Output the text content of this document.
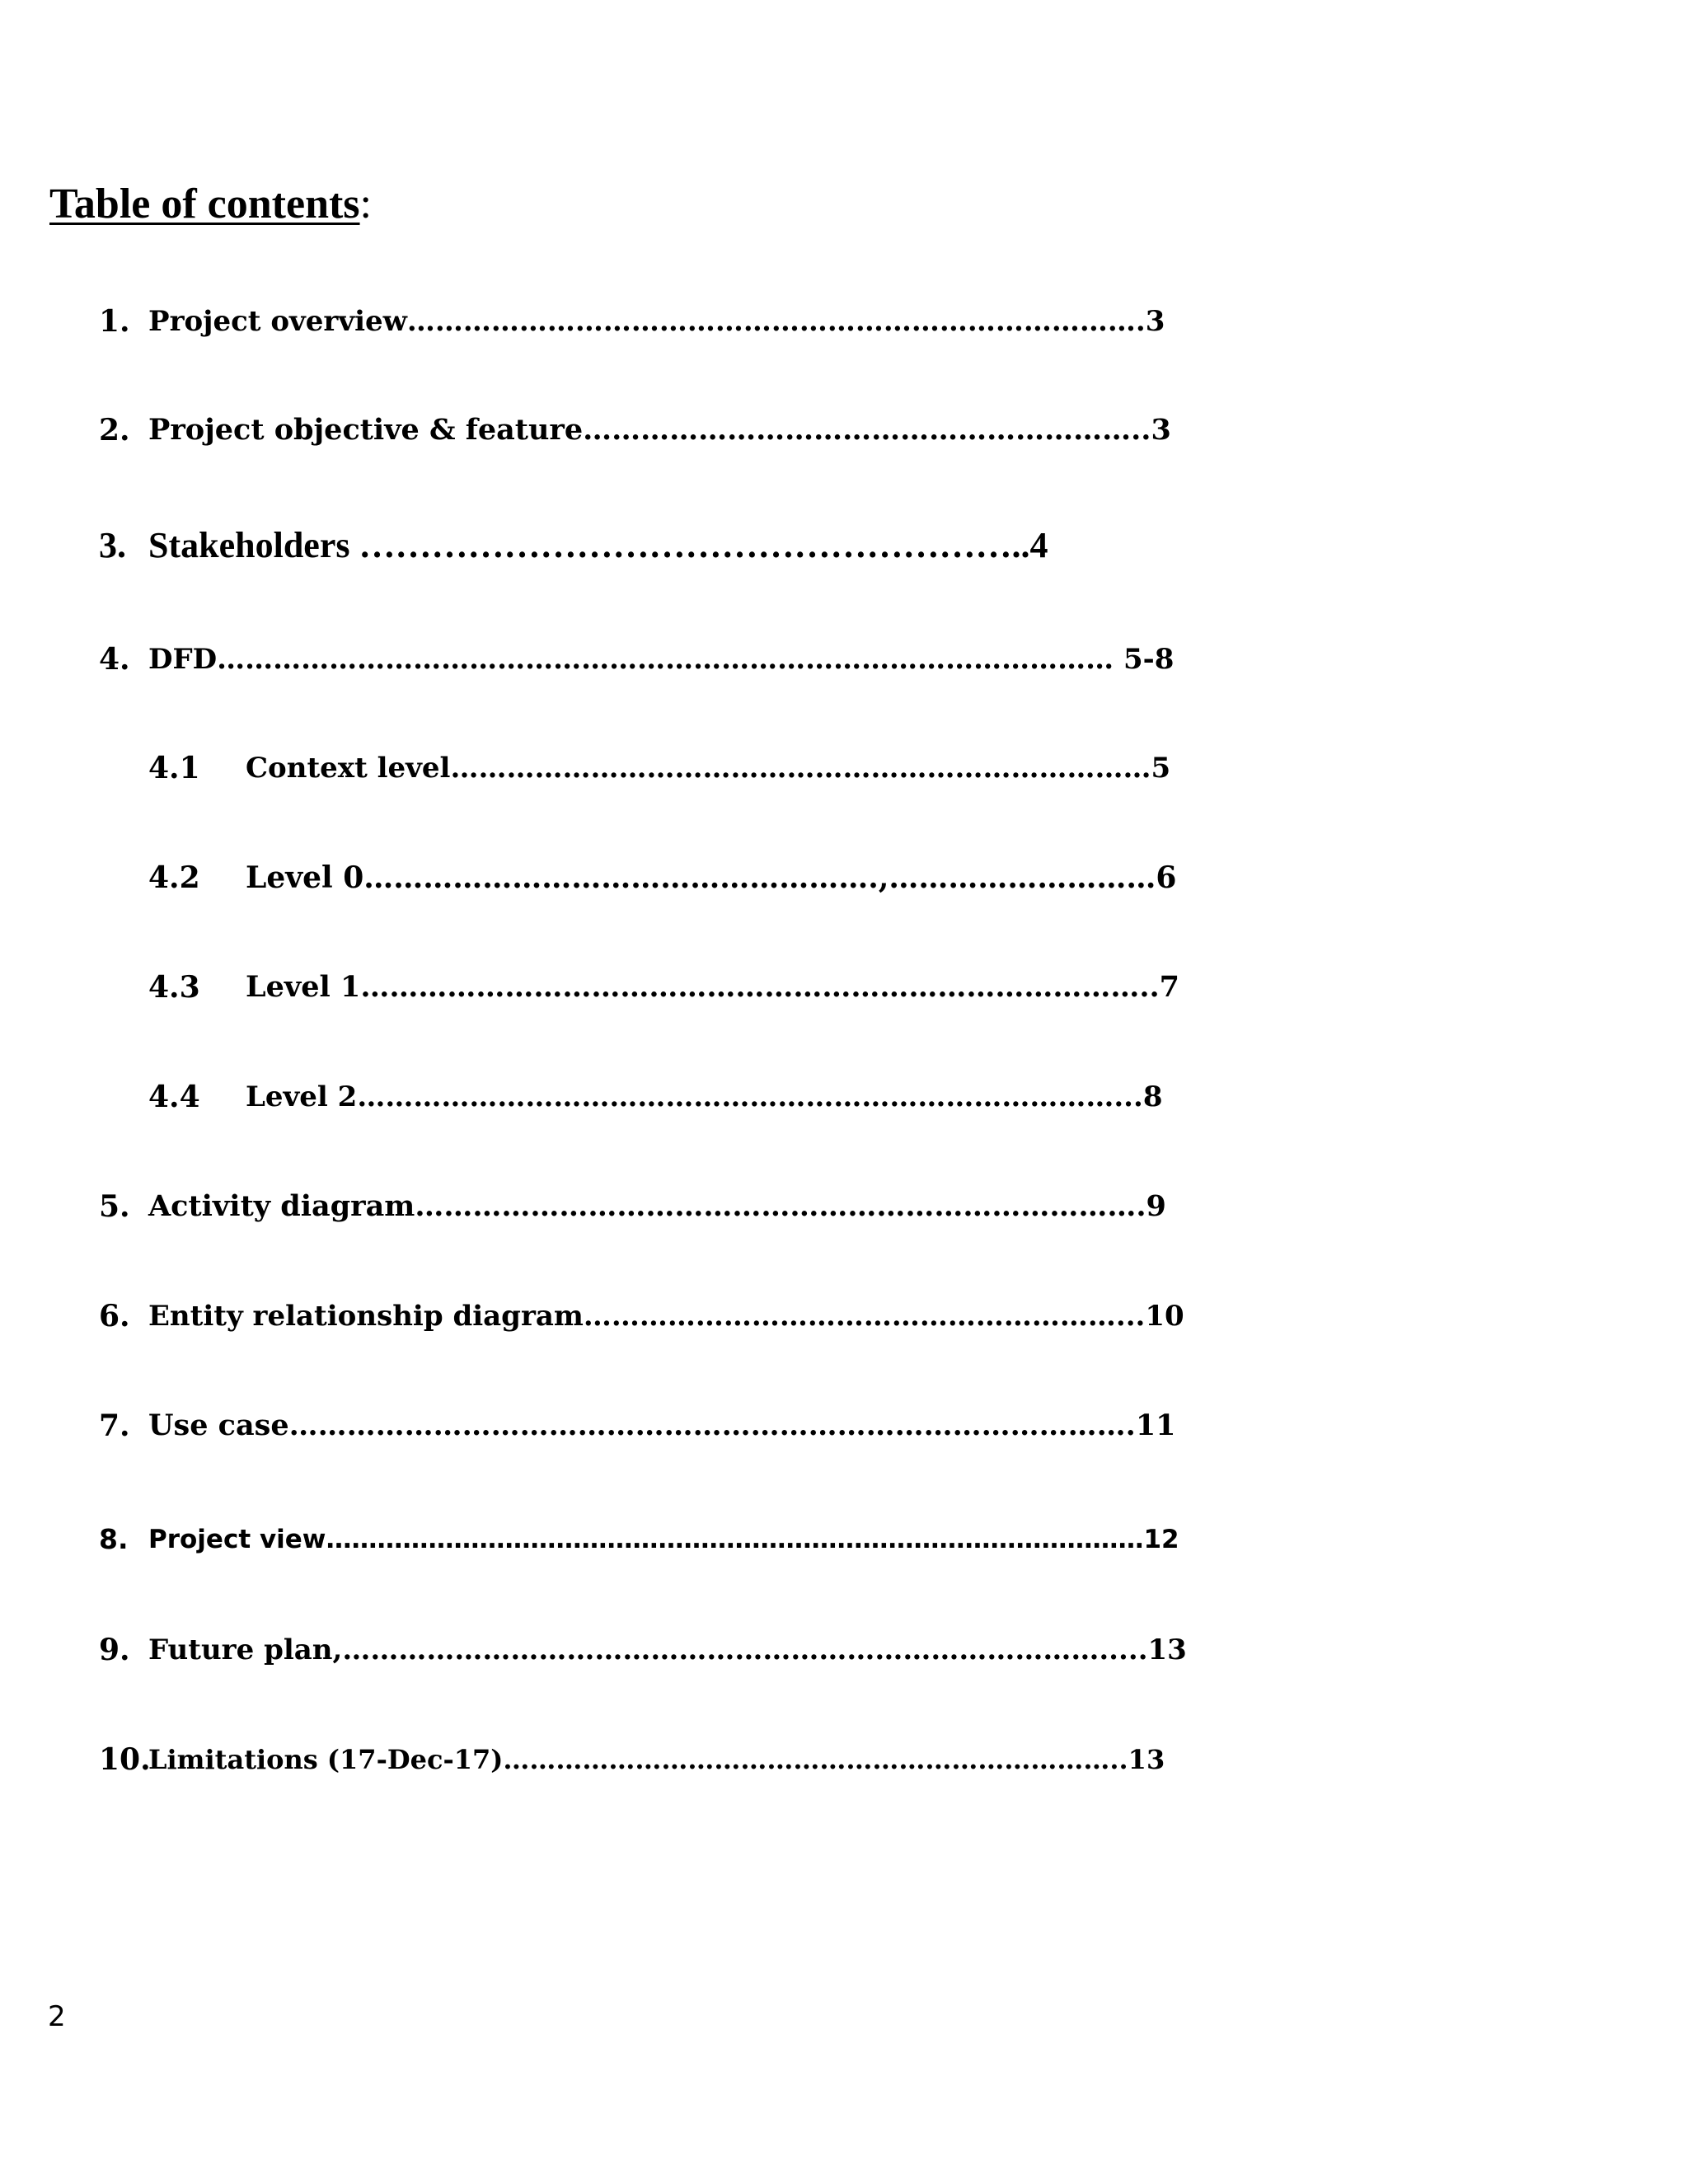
Table of contents:
1. Project overview…………………………………………………………………….3
2. Project objective & feature…………………………………………………..3
3. Stakeholders ………………………………………………..4
4. DFD…………………………………………………………………………………… 5-8
4.1 Context level…………………………………………………………………5
4.2 Level 0…………………………………………….,………………………6
4.3 Level 1………………………………………………………………………..7
4.4 Level 2………………………………………………………………………...8
5. Activity diagram………………………………………………………………….9
6. Entity relationship diagram…………………………………………………...10
7. Use case…………………………………………………………………………….11
8. Project view……………………………………………………………………………………12
9. Future plan,……………………………………………………………………….....13
10.
Limitations (17-Dec-17)……………………………………………………………..13
2
